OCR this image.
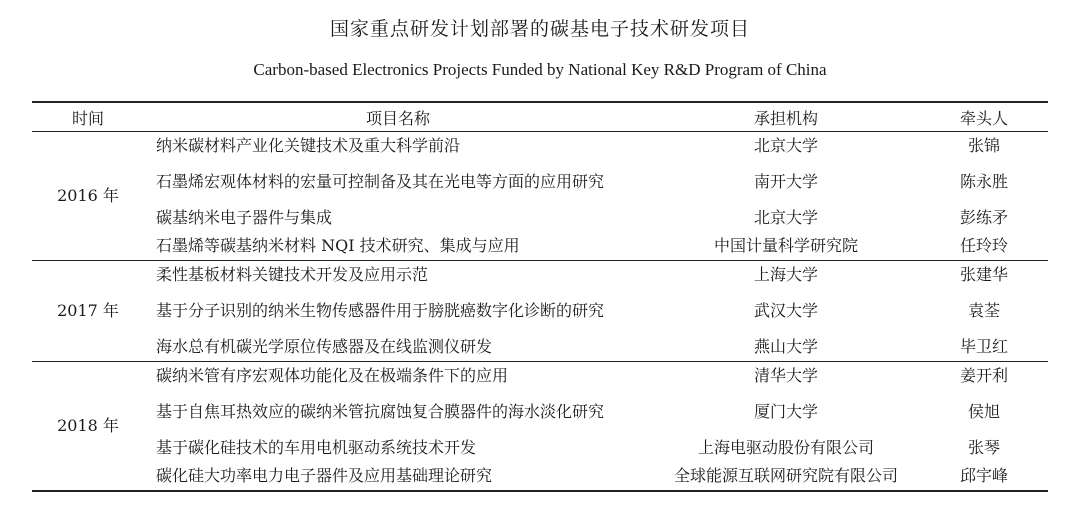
国家重点研发计划部署的碳基电子技术研发项目
Carbon-based Electronics Projects Funded by National Key R&D Program of China
时间	项目名称	承担机构	牵头人
2016 年	纳米碳材料产业化关键技术及重大科学前沿	北京大学	张锦
	石墨烯宏观体材料的宏量可控制备及其在光电等方面的应用研究	南开大学	陈永胜
	碳基纳米电子器件与集成	北京大学	彭练矛
	石墨烯等碳基纳米材料 NQI 技术研究、集成与应用	中国计量科学研究院	任玲玲
2017 年	柔性基板材料关键技术开发及应用示范	上海大学	张建华
	基于分子识别的纳米生物传感器件用于膀胱癌数字化诊断的研究	武汉大学	袁荃
	海水总有机碳光学原位传感器及在线监测仪研发	燕山大学	毕卫红
2018 年	碳纳米管有序宏观体功能化及在极端条件下的应用	清华大学	姜开利
	基于自焦耳热效应的碳纳米管抗腐蚀复合膜器件的海水淡化研究	厦门大学	侯旭
	基于碳化硅技术的车用电机驱动系统技术开发	上海电驱动股份有限公司	张琴
	碳化硅大功率电力电子器件及应用基础理论研究	全球能源互联网研究院有限公司	邱宇峰
